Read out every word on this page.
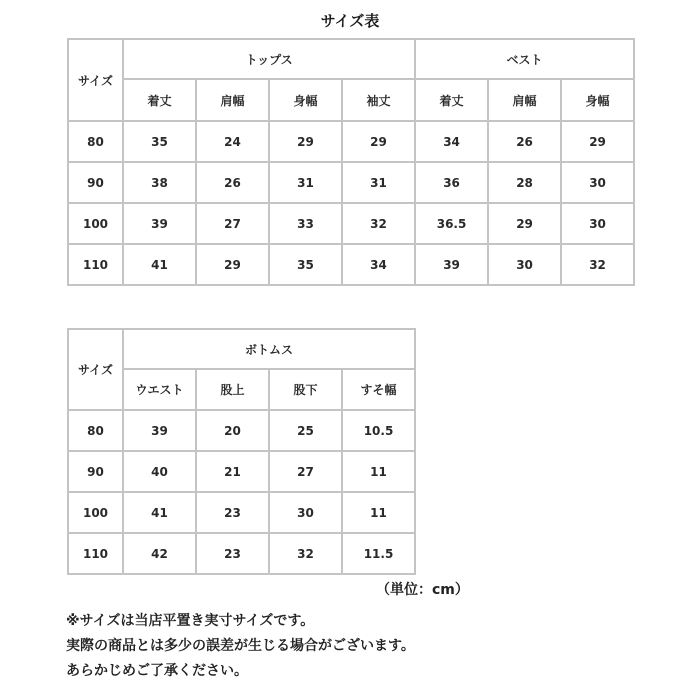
サイズ表
サイズ	トップス				ベスト		
	着丈	肩幅	身幅	袖丈	着丈	肩幅	身幅
80	35	24	29	29	34	26	29
90	38	26	31	31	36	28	30
100	39	27	33	32	36.5	29	30
110	41	29	35	34	39	30	32
サイズ	ボトムス			
	ウエスト	股上	股下	すそ幅
80	39	20	25	10.5
90	40	21	27	11
100	41	23	30	11
110	42	23	32	11.5
（単位：cm）
※サイズは当店平置き実寸サイズです。
実際の商品とは多少の誤差が生じる場合がございます。
あらかじめご了承ください。
